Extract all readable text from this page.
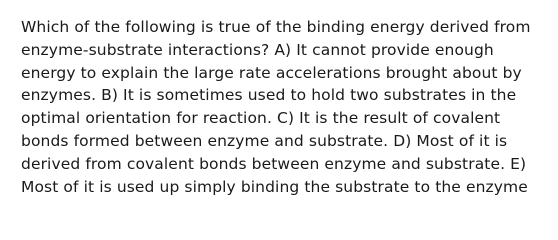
Which of the following is true of the binding energy derived from
enzyme-substrate interactions? A) It cannot provide enough
energy to explain the large rate accelerations brought about by
enzymes. B) It is sometimes used to hold two substrates in the
optimal orientation for reaction. C) It is the result of covalent
bonds formed between enzyme and substrate. D) Most of it is
derived from covalent bonds between enzyme and substrate. E)
Most of it is used up simply binding the substrate to the enzyme
